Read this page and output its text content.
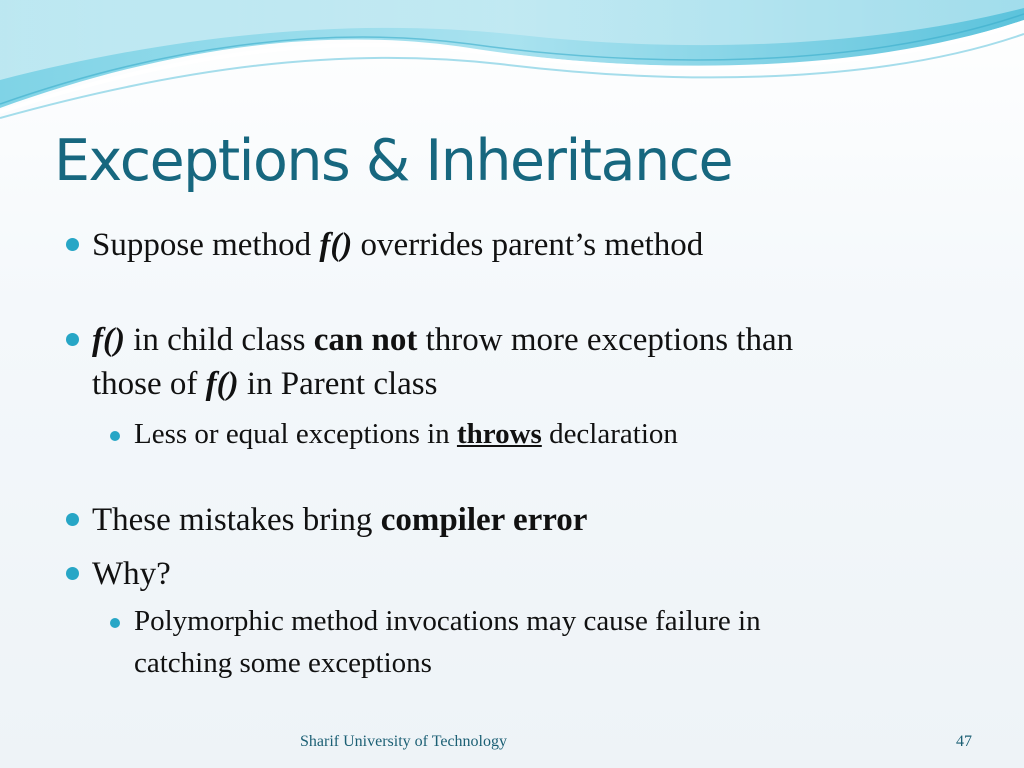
Exceptions & Inheritance
Suppose method f() overrides parent’s method
f() in child class can not throw more exceptions than
those of f() in Parent class
Less or equal exceptions in throws declaration
These mistakes bring compiler error
Why?
Polymorphic method invocations may cause failure in
catching some exceptions
Sharif University of Technology	47
